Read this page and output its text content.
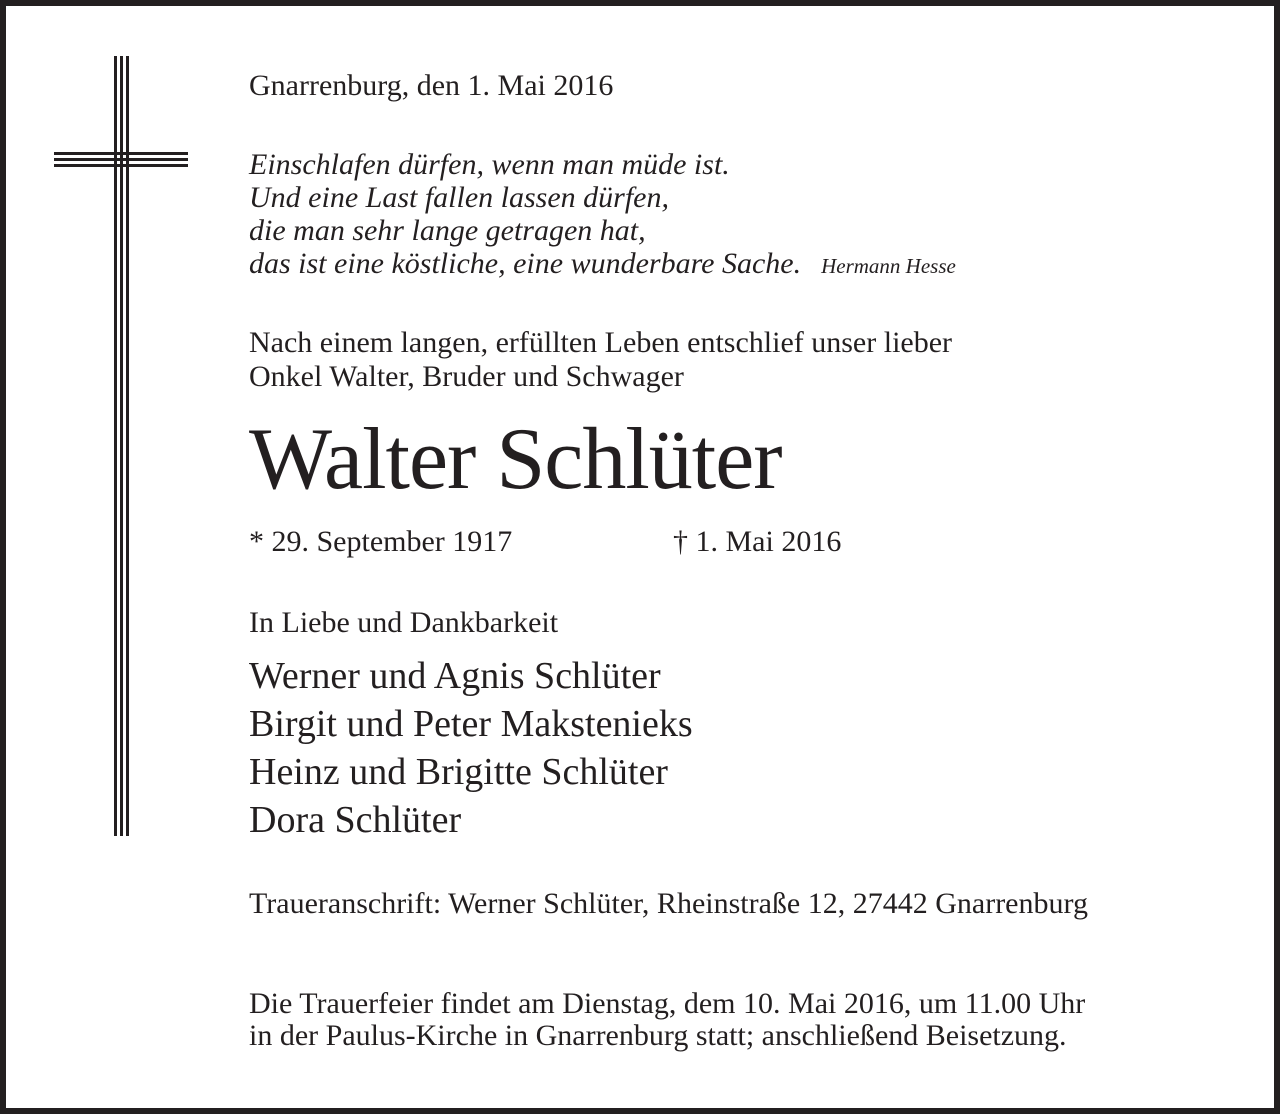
Gnarrenburg, den 1. Mai 2016
Einschlafen dürfen, wenn man müde ist.
Und eine Last fallen lassen dürfen,
die man sehr lange getragen hat,
das ist eine köstliche, eine wunderbare Sache. Hermann Hesse
Nach einem langen, erfüllten Leben entschlief unser lieber
Onkel Walter, Bruder und Schwager
Walter Schlüter
* 29. September 1917	† 1. Mai 2016
In Liebe und Dankbarkeit
Werner und Agnis Schlüter
Birgit und Peter Makstenieks
Heinz und Brigitte Schlüter
Dora Schlüter
Traueranschrift: Werner Schlüter, Rheinstraße 12, 27442 Gnarrenburg
Die Trauerfeier findet am Dienstag, dem 10. Mai 2016, um 11.00 Uhr
in der Paulus-Kirche in Gnarrenburg statt; anschließend Beisetzung.
